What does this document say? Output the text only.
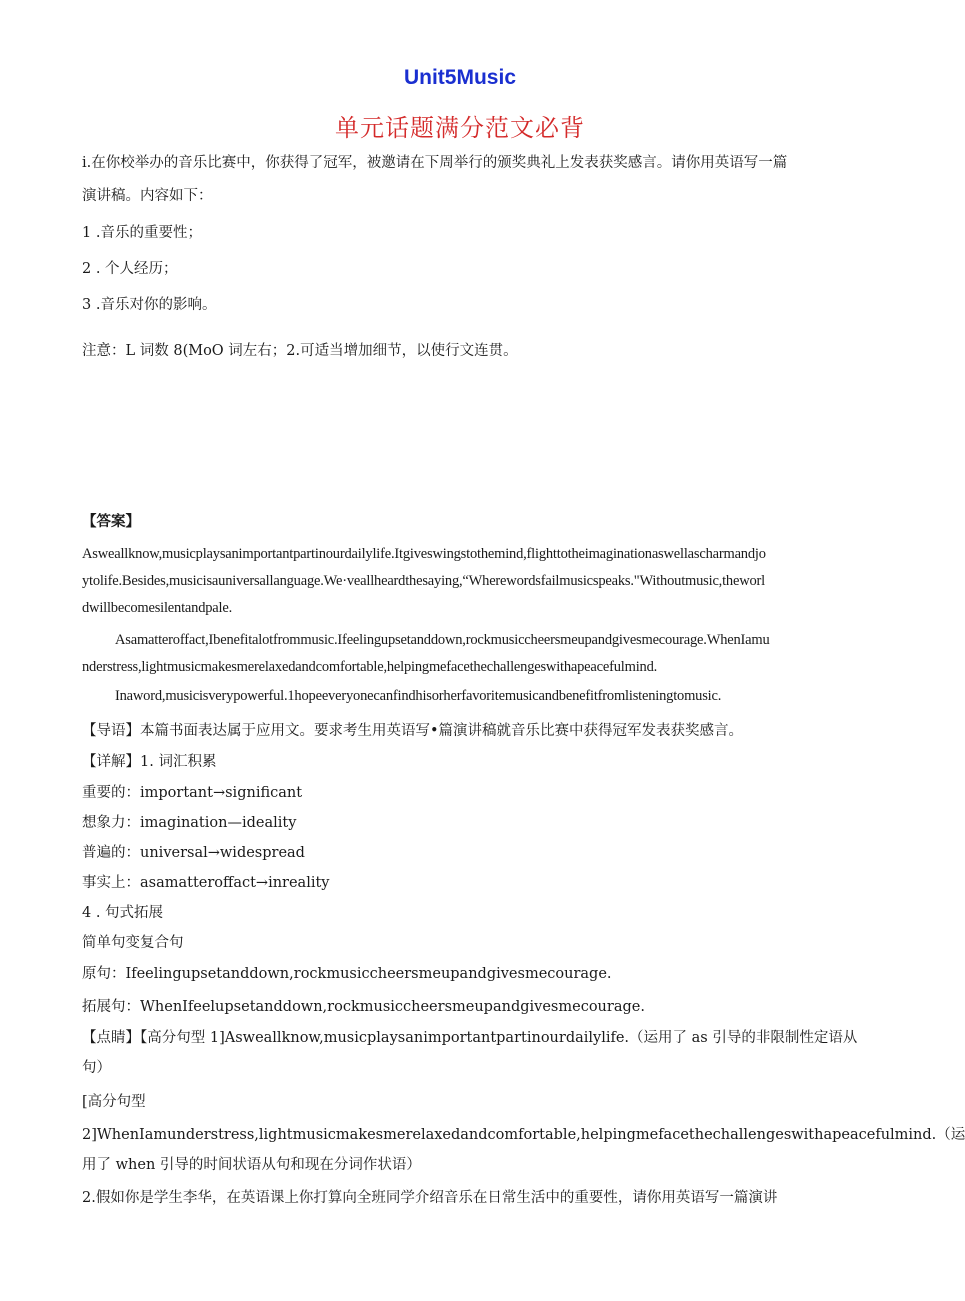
Unit5Music
单元话题满分范文必背
i.在你校举办的音乐比赛中，你获得了冠军，被邀请在下周举行的颁奖典礼上发表获奖感言。请你用英语写一篇
演讲稿。内容如下：
1 .音乐的重要性；
2 . 个人经历；
3 .音乐对你的影响。
注意：L 词数 8(MoO 词左右；2.可适当增加细节，以使行文连贯。
【答案】
Asweallknow,musicplaysanimportantpartinourdailylife.Itgiveswingstothemind,flighttotheimaginationaswellascharmandjo
ytolife.Besides,musicisauniversallanguage.We·veallheardthesaying,“Wherewordsfailmusicspeaks."Withoutmusic,theworl
dwillbecomesilentandpale.
Asamatteroffact,Ibenefitalotfrommusic.Ifeelingupsetanddown,rockmusiccheersmeupandgivesmecourage.WhenIamu
nderstress,lightmusicmakesmerelaxedandcomfortable,helpingmefacethechallengeswithapeacefulmind.
Inaword,musicisverypowerful.1hopeeveryonecanfindhisorherfavoritemusicandbenefitfromlisteningtomusic.
【导语】本篇书面表达属于应用文。要求考生用英语写•篇演讲稿就音乐比赛中获得冠军发表获奖感言。
【详解】1. 词汇积累
重要的：important→significant
想象力：imagination—ideality
普遍的：universal→widespread
事实上：asamatteroffact→inreality
4 . 句式拓展
简单句变复合句
原句：Ifeelingupsetanddown,rockmusiccheersmeupandgivesmecourage.
拓展句：WhenIfeelupsetanddown,rockmusiccheersmeupandgivesmecourage.
【点睛】【高分句型 1]Asweallknow,musicplaysanimportantpartinourdailylife.（运用了 as 引导的非限制性定语从
句）
[高分句型
2]WhenIamunderstress,lightmusicmakesmerelaxedandcomfortable,helpingmefacethechallengeswithapeacefulmind.（运
用了 when 引导的时间状语从句和现在分词作状语）
2.假如你是学生李华，在英语课上你打算向全班同学介绍音乐在日常生活中的重要性，请你用英语写一篇演讲
